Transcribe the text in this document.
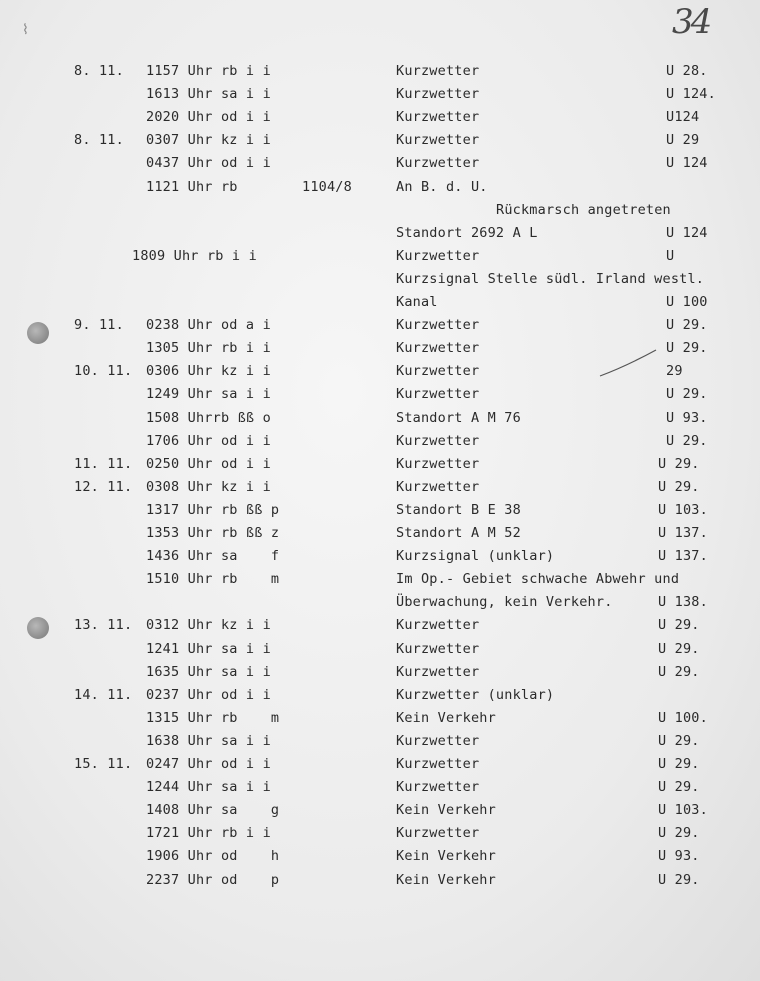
34
⌇
8. 11. 1157 Uhr rb i i	Kurzwetter	U 28.
1613 Uhr sa i i	Kurzwetter	U 124.
2020 Uhr od i i	Kurzwetter	U124
8. 11. 0307 Uhr kz i i	Kurzwetter	U 29
0437 Uhr od i i	Kurzwetter	U 124
1121 Uhr rb	1104/8	An B. d. U.
Rückmarsch angetreten
Standort 2692 A L	U 124
1809 Uhr rb i i	Kurzwetter	U
Kurzsignal Stelle südl. Irland westl.
Kanal	U 100
9. 11. 0238 Uhr od a i	Kurzwetter	U 29.
1305 Uhr rb i i	Kurzwetter	U 29.
10. 11. 0306 Uhr kz i i	Kurzwetter	29
1249 Uhr sa i i	Kurzwetter	U 29.
1508 Uhrrb ßß o	Standort A M 76	U 93.
1706 Uhr od i i	Kurzwetter	U 29.
11. 11. 0250 Uhr od i i	Kurzwetter	U 29.
12. 11. 0308 Uhr kz i i	Kurzwetter	U 29.
1317 Uhr rb ßß p	Standort B E 38	U 103.
1353 Uhr rb ßß z	Standort A M 52	U 137.
1436 Uhr sa    f	Kurzsignal (unklar)	U 137.
1510 Uhr rb    m	Im Op.- Gebiet schwache Abwehr und
Überwachung, kein Verkehr.	U 138.
13. 11. 0312 Uhr kz i i	Kurzwetter	U 29.
1241 Uhr sa i i	Kurzwetter	U 29.
1635 Uhr sa i i	Kurzwetter	U 29.
14. 11. 0237 Uhr od i i	Kurzwetter (unklar)
1315 Uhr rb    m	Kein Verkehr	U 100.
1638 Uhr sa i i	Kurzwetter	U 29.
15. 11. 0247 Uhr od i i	Kurzwetter	U 29.
1244 Uhr sa i i	Kurzwetter	U 29.
1408 Uhr sa    g	Kein Verkehr	U 103.
1721 Uhr rb i i	Kurzwetter	U 29.
1906 Uhr od    h	Kein Verkehr	U 93.
2237 Uhr od    p	Kein Verkehr	U 29.
